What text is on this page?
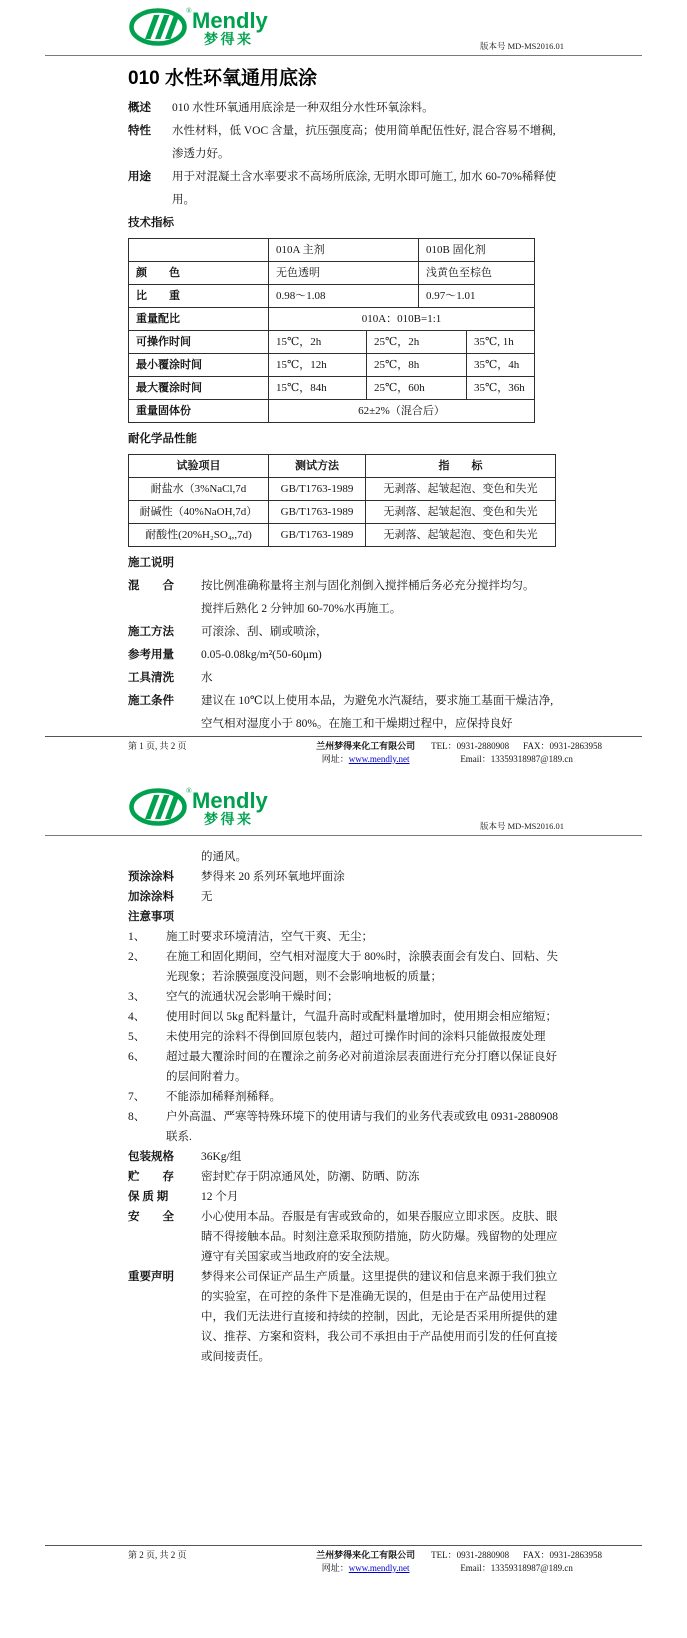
® Mendly
梦得来	版本号 MD-MS2016.01
010 水性环氧通用底涂
概述	010 水性环氧通用底涂是一种双组分水性环氧涂料。
特性	水性材料，低 VOC 含量，抗压强度高；使用简单配伍性好, 混合容易不增稠, 渗透力好。
用途	用于对混凝土含水率要求不高场所底涂, 无明水即可施工, 加水 60-70%稀释使用。
技术指标
	010A 主剂		010B 固化剂	
颜　　色	无色透明		浅黄色至棕色	
比　　重	0.98～1.08		0.97～1.01	
重量配比	010A：010B=1:1			
可操作时间	15℃，2h	25℃，2h		35℃, 1h
最小覆涂时间	15℃，12h	25℃，8h		35℃，4h
最大覆涂时间	15℃，84h	25℃，60h		35℃，36h
重量固体份	62±2%（混合后）			
耐化学品性能
试验项目	测试方法	指　　标
耐盐水（3%NaCl,7d	GB/T1763-1989	无剥落、起皱起泡、变色和失光
耐碱性（40%NaOH,7d）	GB/T1763-1989	无剥落、起皱起泡、变色和失光
耐酸性(20%H₂SO₄,,7d)	GB/T1763-1989	无剥落、起皱起泡、变色和失光
施工说明
混　　合	按比例准确称量将主剂与固化剂倒入搅拌桶后务必充分搅拌均匀。
搅拌后熟化 2 分钟加 60-70%水再施工。
施工方法	可滚涂、刮、刷或喷涂，
参考用量	0.05-0.08kg/m²(50-60μm)
工具清洗	水
施工条件	建议在 10℃以上使用本品，为避免水汽凝结，要求施工基面干燥洁净, 空气相对湿度小于 80%。在施工和干燥期过程中，应保持良好
第 1 页, 共 2 页	兰州梦得来化工有限公司
网址：www.mendly.net
TEL：0931-2880908 FAX：0931-2863958
Email：13359318987@189.cn
® Mendly
梦得来	版本号 MD-MS2016.01
的通风。
预涂涂料	梦得来 20 系列环氧地坪面涂
加涂涂料	无
注意事项
1、	施工时要求环境清洁，空气干爽、无尘；
2、	在施工和固化期间，空气相对湿度大于 80%时，涂膜表面会有发白、回粘、失光现象；若涂膜强度没问题，则不会影响地板的质量；
3、	空气的流通状况会影响干燥时间；
4、	使用时间以 5kg 配料量计，气温升高时或配料量增加时，使用期会相应缩短；
5、	未使用完的涂料不得倒回原包装内，超过可操作时间的涂料只能做报废处理
6、	超过最大覆涂时间的在覆涂之前务必对前道涂层表面进行充分打磨以保证良好的层间附着力。
7、	不能添加稀释剂稀释。
8、	户外高温、严寒等特殊环境下的使用请与我们的业务代表或致电 0931-2880908 联系.
包装规格	36Kg/组
贮　　存	密封贮存于阴凉通风处，防潮、防晒、防冻
保 质 期	12 个月
安　　全	小心使用本品。吞服是有害或致命的，如果吞服应立即求医。皮肤、眼睛不得接触本品。时刻注意采取预防措施，防火防爆。残留物的处理应遵守有关国家或当地政府的安全法规。
重要声明	梦得来公司保证产品生产质量。这里提供的建议和信息来源于我们独立的实验室，在可控的条件下是准确无误的，但是由于在产品使用过程中，我们无法进行直接和持续的控制，因此，无论是否采用所提供的建议、推荐、方案和资料，我公司不承担由于产品使用而引发的任何直接或间接责任。
第 2 页, 共 2 页	兰州梦得来化工有限公司
网址：www.mendly.net
TEL：0931-2880908 FAX：0931-2863958
Email：13359318987@189.cn
